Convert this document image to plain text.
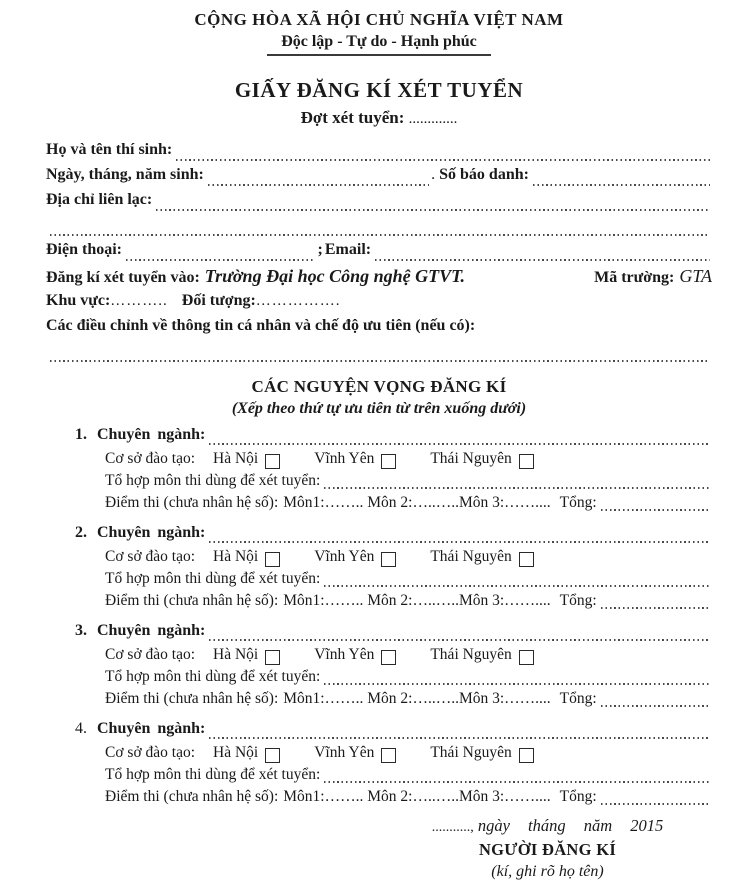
CỘNG HÒA XÃ HỘI CHỦ NGHĨA VIỆT NAM
Độc lập - Tự do - Hạnh phúc
GIẤY ĐĂNG KÍ XÉT TUYỂN
Đợt xét tuyển: .............
Họ và tên thí sinh:
Ngày, tháng, năm sinh:	. Số báo danh:
Địa chỉ liên lạc:
Điện thoại:	; Email:
Đăng kí xét tuyển vào: Trường Đại học Công nghệ GTVT.	Mã trường: GTA
Khu vực: ……….. Đối tượng: …………….
Các điều chỉnh về thông tin cá nhân và chế độ ưu tiên (nếu có):
CÁC NGUYỆN VỌNG ĐĂNG KÍ
(Xếp theo thứ tự ưu tiên từ trên xuống dưới)
1. Chuyên ngành:
Cơ sở đào tạo: Hà Nội	Vĩnh Yên	Thái Nguyên
Tổ hợp môn thi dùng để xét tuyển:
Điểm thi (chưa nhân hệ số): Môn1:…….. Môn 2:…..…..Môn 3:…….... Tổng:
2. Chuyên ngành:
Cơ sở đào tạo: Hà Nội	Vĩnh Yên	Thái Nguyên
Tổ hợp môn thi dùng để xét tuyển:
Điểm thi (chưa nhân hệ số): Môn1:…….. Môn 2:…..…..Môn 3:…….... Tổng:
3. Chuyên ngành:
Cơ sở đào tạo: Hà Nội	Vĩnh Yên	Thái Nguyên
Tổ hợp môn thi dùng để xét tuyển:
Điểm thi (chưa nhân hệ số): Môn1:…….. Môn 2:…..…..Môn 3:…….... Tổng:
4. Chuyên ngành:
Cơ sở đào tạo: Hà Nội	Vĩnh Yên	Thái Nguyên
Tổ hợp môn thi dùng để xét tuyển:
Điểm thi (chưa nhân hệ số): Môn1:…….. Môn 2:…..…..Môn 3:…….... Tổng:
..........., ngày tháng năm 2015
NGƯỜI ĐĂNG KÍ
(kí, ghi rõ họ tên)
